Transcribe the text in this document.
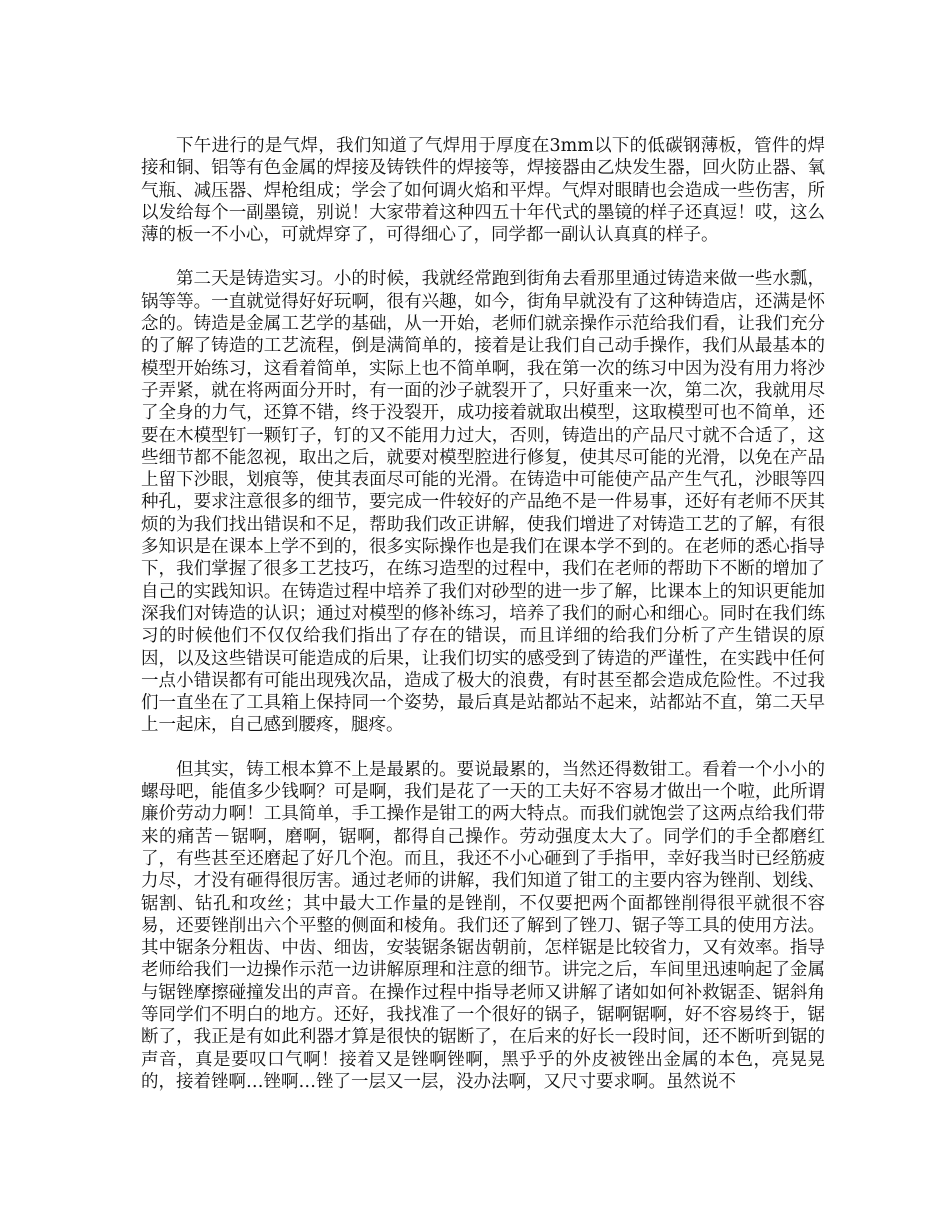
下午进行的是气焊，我们知道了气焊用于厚度在3mm以下的低碳钢薄板，管件的焊接和铜、铝等有色金属的焊接及铸铁件的焊接等，焊接器由乙炔发生器，回火防止器、氧气瓶、减压器、焊枪组成；学会了如何调火焰和平焊。气焊对眼睛也会造成一些伤害，所以发给每个一副墨镜，别说！大家带着这种四五十年代式的墨镜的样子还真逗！哎，这么薄的板一不小心，可就焊穿了，可得细心了，同学都一副认认真真的样子。

第二天是铸造实习。小的时候，我就经常跑到街角去看那里通过铸造来做一些水瓢，锅等等。一直就觉得好好玩啊，很有兴趣，如今，街角早就没有了这种铸造店，还满是怀念的。铸造是金属工艺学的基础，从一开始，老师们就亲操作示范给我们看，让我们充分的了解了铸造的工艺流程，倒是满简单的，接着是让我们自己动手操作，我们从最基本的模型开始练习，这看着简单，实际上也不简单啊，我在第一次的练习中因为没有用力将沙子弄紧，就在将两面分开时，有一面的沙子就裂开了，只好重来一次，第二次，我就用尽了全身的力气，还算不错，终于没裂开，成功接着就取出模型，这取模型可也不简单，还要在木模型钉一颗钉子，钉的又不能用力过大，否则，铸造出的产品尺寸就不合适了，这些细节都不能忽视，取出之后，就要对模型腔进行修复，使其尽可能的光滑，以免在产品上留下沙眼，划痕等，使其表面尽可能的光滑。在铸造中可能使产品产生气孔，沙眼等四种孔，要求注意很多的细节，要完成一件较好的产品绝不是一件易事，还好有老师不厌其烦的为我们找出错误和不足，帮助我们改正讲解，使我们增进了对铸造工艺的了解，有很多知识是在课本上学不到的，很多实际操作也是我们在课本学不到的。在老师的悉心指导下，我们掌握了很多工艺技巧，在练习造型的过程中，我们在老师的帮助下不断的增加了自己的实践知识。在铸造过程中培养了我们对砂型的进一步了解，比课本上的知识更能加深我们对铸造的认识；通过对模型的修补练习，培养了我们的耐心和细心。同时在我们练习的时候他们不仅仅给我们指出了存在的错误，而且详细的给我们分析了产生错误的原因，以及这些错误可能造成的后果，让我们切实的感受到了铸造的严谨性，在实践中任何一点小错误都有可能出现残次品，造成了极大的浪费，有时甚至都会造成危险性。不过我们一直坐在了工具箱上保持同一个姿势，最后真是站都站不起来，站都站不直，第二天早上一起床，自己感到腰疼，腿疼。

但其实，铸工根本算不上是最累的。要说最累的，当然还得数钳工。看着一个小小的螺母吧，能值多少钱啊？可是啊，我们是花了一天的工夫好不容易才做出一个啦，此所谓廉价劳动力啊！工具简单，手工操作是钳工的两大特点。而我们就饱尝了这两点给我们带来的痛苦－锯啊，磨啊，锯啊，都得自己操作。劳动强度太大了。同学们的手全都磨红了，有些甚至还磨起了好几个泡。而且，我还不小心砸到了手指甲，幸好我当时已经筋疲力尽，才没有砸得很厉害。通过老师的讲解，我们知道了钳工的主要内容为锉削、划线、锯割、钻孔和攻丝；其中最大工作量的是锉削，不仅要把两个面都锉削得很平就很不容易，还要锉削出六个平整的侧面和棱角。我们还了解到了锉刀、锯子等工具的使用方法。其中锯条分粗齿、中齿、细齿，安装锯条锯齿朝前，怎样锯是比较省力，又有效率。指导老师给我们一边操作示范一边讲解原理和注意的细节。讲完之后，车间里迅速响起了金属与锯锉摩擦碰撞发出的声音。在操作过程中指导老师又讲解了诸如如何补救锯歪、锯斜角等同学们不明白的地方。还好，我找准了一个很好的锅子，锯啊锯啊，好不容易终于，锯断了，我正是有如此利器才算是很快的锯断了，在后来的好长一段时间，还不断听到锯的声音，真是要叹口气啊！接着又是锉啊锉啊，黑乎乎的外皮被锉出金属的本色，亮晃晃的，接着锉啊…锉啊…锉了一层又一层，没办法啊，又尺寸要求啊。虽然说不
